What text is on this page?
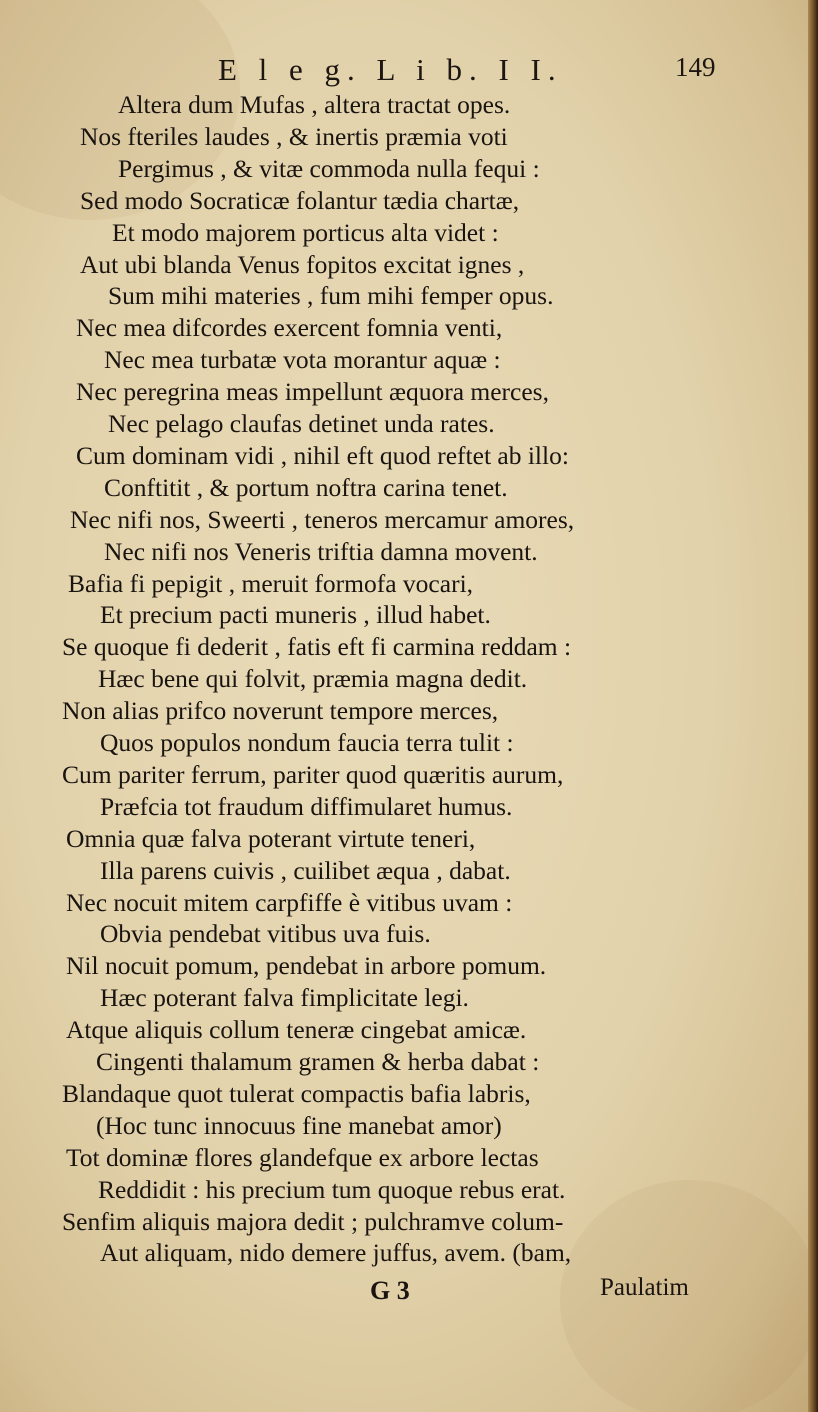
E l e g. L i b. I I.	149
Altera dum Mufas , altera tractat opes.
Nos fteriles laudes , & inertis præmia voti
Pergimus , & vitæ commoda nulla fequi :
Sed modo Socraticæ folantur tædia chartæ,
Et modo majorem porticus alta videt :
Aut ubi blanda Venus fopitos excitat ignes ,
Sum mihi materies , fum mihi femper opus.
Nec mea difcordes exercent fomnia venti,
Nec mea turbatæ vota morantur aquæ :
Nec peregrina meas impellunt æquora merces,
Nec pelago claufas detinet unda rates.
Cum dominam vidi , nihil eft quod reftet ab illo:
Conftitit , & portum noftra carina tenet.
Nec nifi nos, Sweerti , teneros mercamur amores,
Nec nifi nos Veneris triftia damna movent.
Bafia fi pepigit , meruit formofa vocari,
Et precium pacti muneris , illud habet.
Se quoque fi dederit , fatis eft fi carmina reddam :
Hæc bene qui folvit, præmia magna dedit.
Non alias prifco noverunt tempore merces,
Quos populos nondum faucia terra tulit :
Cum pariter ferrum, pariter quod quæritis aurum,
Præfcia tot fraudum diffimularet humus.
Omnia quæ falva poterant virtute teneri,
Illa parens cuivis , cuilibet æqua , dabat.
Nec nocuit mitem carpfiffe è vitibus uvam :
Obvia pendebat vitibus uva fuis.
Nil nocuit pomum, pendebat in arbore pomum.
Hæc poterant falva fimplicitate legi.
Atque aliquis collum teneræ cingebat amicæ.
Cingenti thalamum gramen & herba dabat :
Blandaque quot tulerat compactis bafia labris,
(Hoc tunc innocuus fine manebat amor)
Tot dominæ flores glandefque ex arbore lectas
Reddidit : his precium tum quoque rebus erat.
Senfim aliquis majora dedit ; pulchramve colum-
Aut aliquam, nido demere juffus, avem. (bam,
G 3	Paulatim
